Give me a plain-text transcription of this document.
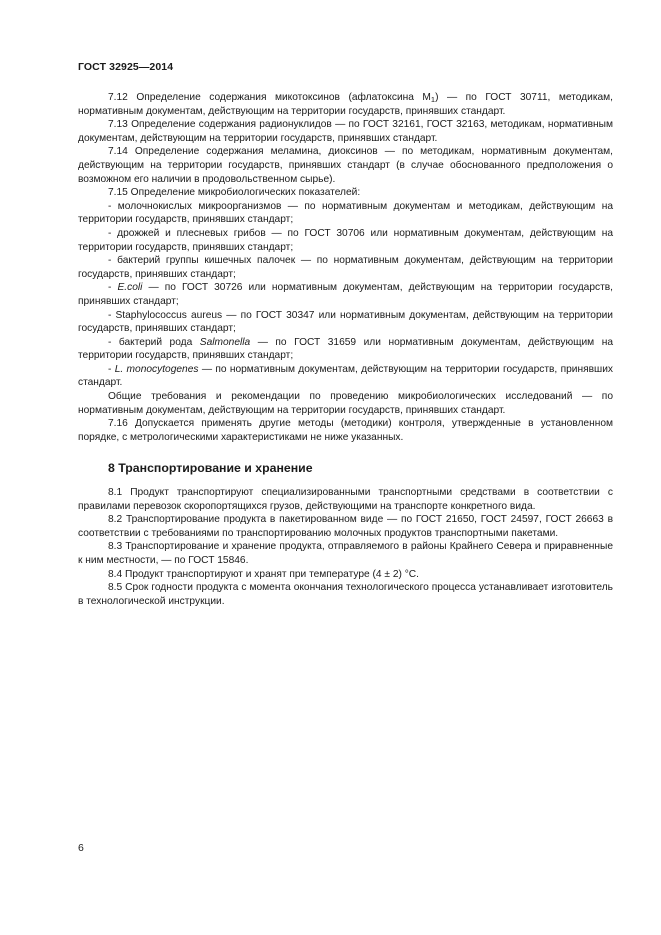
ГОСТ 32925—2014

7.12 Определение содержания микотоксинов (афлатоксина $М_1$) — по ГОСТ 30711, методикам, нормативным документам, действующим на территории государств, принявших стандарт.

7.13 Определение содержания радионуклидов — по ГОСТ 32161, ГОСТ 32163, методикам, нормативным документам, действующим на территории государств, принявших стандарт.

7.14 Определение содержания меламина, диоксинов — по методикам, нормативным документам, действующим на территории государств, принявших стандарт (в случае обоснованного предположения о возможном его наличии в продовольственном сырье).

7.15 Определение микробиологических показателей:

- молочнокислых микроорганизмов — по нормативным документам и методикам, действующим на территории государств, принявших стандарт;

- дрожжей и плесневых грибов — по ГОСТ 30706 или нормативным документам, действующим на территории государств, принявших стандарт;

- бактерий группы кишечных палочек — по нормативным документам, действующим на территории государств, принявших стандарт;

- E.coli — по ГОСТ 30726 или нормативным документам, действующим на территории государств, принявших стандарт;

- Staphylococcus aureus — по ГОСТ 30347 или нормативным документам, действующим на территории государств, принявших стандарт;

- бактерий рода Salmonella — по ГОСТ 31659 или нормативным документам, действующим на территории государств, принявших стандарт;

- L. monocytogenes — по нормативным документам, действующим на территории государств, принявших стандарт.

Общие требования и рекомендации по проведению микробиологических исследований — по нормативным документам, действующим на территории государств, принявших стандарт.

7.16 Допускается применять другие методы (методики) контроля, утвержденные в установленном порядке, с метрологическими характеристиками не ниже указанных.

8 Транспортирование и хранение

8.1 Продукт транспортируют специализированными транспортными средствами в соответствии с правилами перевозок скоропортящихся грузов, действующими на транспорте конкретного вида.

8.2 Транспортирование продукта в пакетированном виде — по ГОСТ 21650, ГОСТ 24597, ГОСТ 26663 в соответствии с требованиями по транспортированию молочных продуктов транспортными пакетами.

8.3 Транспортирование и хранение продукта, отправляемого в районы Крайнего Севера и приравненные к ним местности, — по ГОСТ 15846.

8.4 Продукт транспортируют и хранят при температуре (4 ± 2) °С.

8.5 Срок годности продукта с момента окончания технологического процесса устанавливает изготовитель в технологической инструкции.

6
